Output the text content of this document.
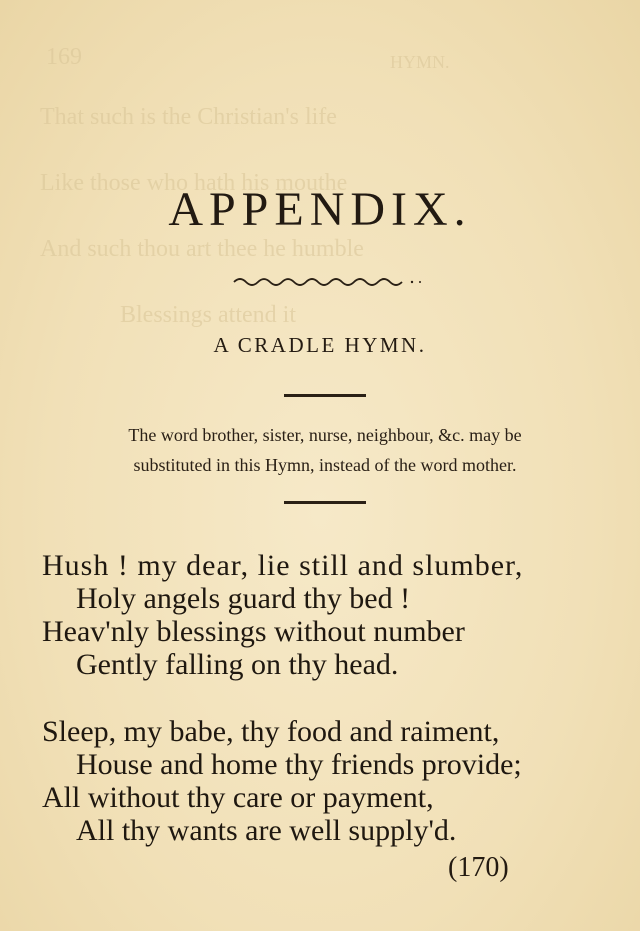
169	HYMN.
That such is the Christian's life
Like those who hath his mouthe
And such thou art thee he humble
Blessings attend it
APPENDIX.
A CRADLE HYMN.
The word brother, sister, nurse, neighbour, &c. may be
substituted in this Hymn, instead of the word mother.
Hush ! my dear, lie still and slumber,
Holy angels guard thy bed !
Heav'nly blessings without number
Gently falling on thy head.
Sleep, my babe, thy food and raiment,
House and home thy friends provide;
All without thy care or payment,
All thy wants are well supply'd.
(170)
